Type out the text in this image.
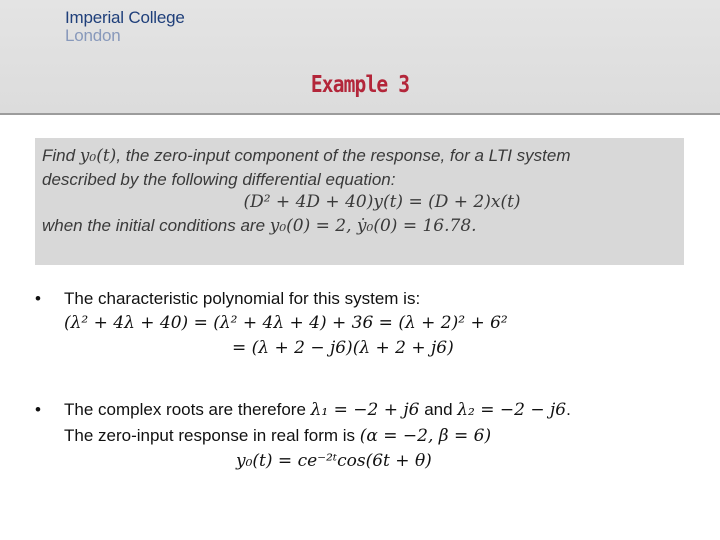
Imperial College
London
Example 3
Find y₀(t), the zero-input component of the response, for a LTI system
described by the following differential equation:

(D² + 4D + 40)y(t) = (D + 2)x(t)
when the initial conditions are y₀(0) = 2, ẏ₀(0) = 16.78.
• The characteristic polynomial for this system is:
(λ² + 4λ + 40) = (λ² + 4λ + 4) + 36 = (λ + 2)² + 6²
= (λ + 2 − j6)(λ + 2 + j6)
• The complex roots are therefore λ₁ = −2 + j6 and λ₂ = −2 − j6.
The zero-input response in real form is (α = −2, β = 6)
y₀(t) = ce⁻²ᵗcos(6t + θ)
